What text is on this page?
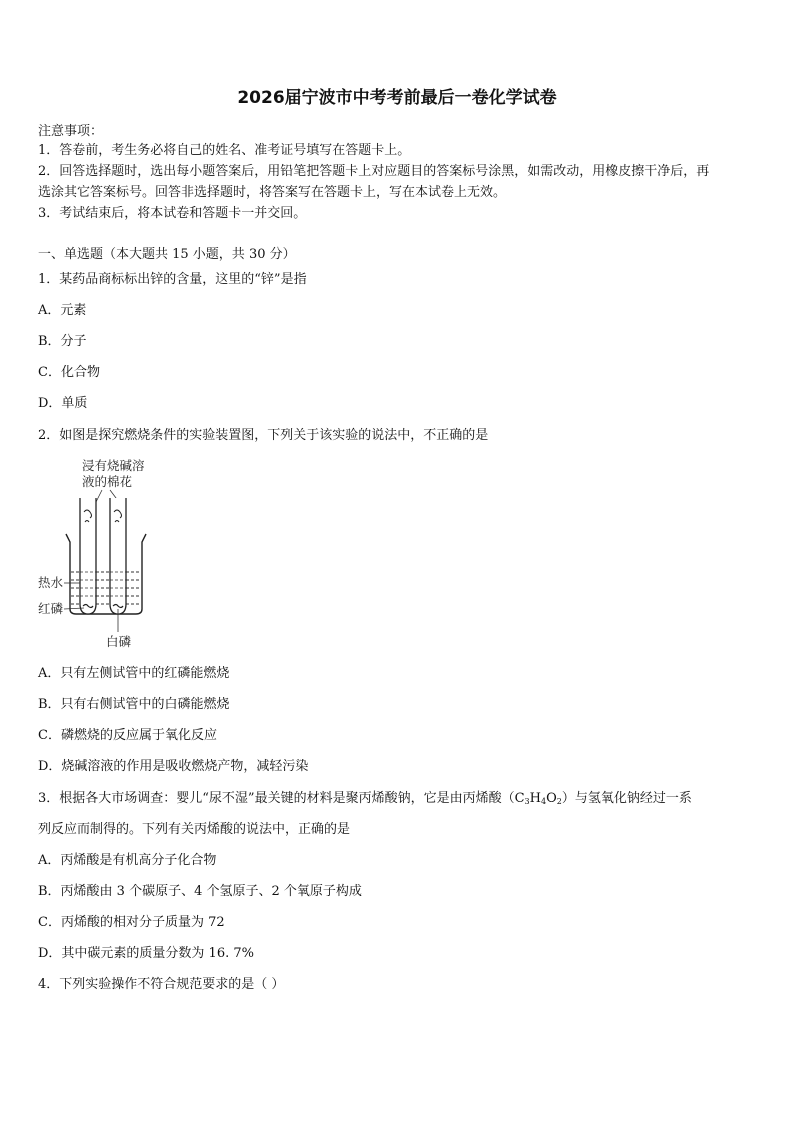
2026届宁波市中考考前最后一卷化学试卷
注意事项：
1．答卷前，考生务必将自己的姓名、准考证号填写在答题卡上。
2．回答选择题时，选出每小题答案后，用铅笔把答题卡上对应题目的答案标号涂黑，如需改动，用橡皮擦干净后，再
选涂其它答案标号。回答非选择题时，将答案写在答题卡上，写在本试卷上无效。
3．考试结束后，将本试卷和答题卡一并交回。
一、单选题（本大题共 15 小题，共 30 分）
1．某药品商标标出锌的含量，这里的“锌”是指
A．元素
B．分子
C．化合物
D．单质
2．如图是探究燃烧条件的实验装置图，下列关于该实验的说法中，不正确的是
浸有烧碱溶
液的棉花
热水
红磷
白磷
A．只有左侧试管中的红磷能燃烧
B．只有右侧试管中的白磷能燃烧
C．磷燃烧的反应属于氧化反应
D．烧碱溶液的作用是吸收燃烧产物，减轻污染
3．根据各大市场调查：婴儿“尿不湿”最关键的材料是聚丙烯酸钠，它是由丙烯酸$(C_3H_4O_2)$与氢氧化钠经过一系
列反应而制得的。下列有关丙烯酸的说法中，正确的是
A．丙烯酸是有机高分子化合物
B．丙烯酸由 3 个碳原子、4 个氢原子、2 个氧原子构成
C．丙烯酸的相对分子质量为 72
D．其中碳元素的质量分数为 16. 7%
4．下列实验操作不符合规范要求的是（ ）
